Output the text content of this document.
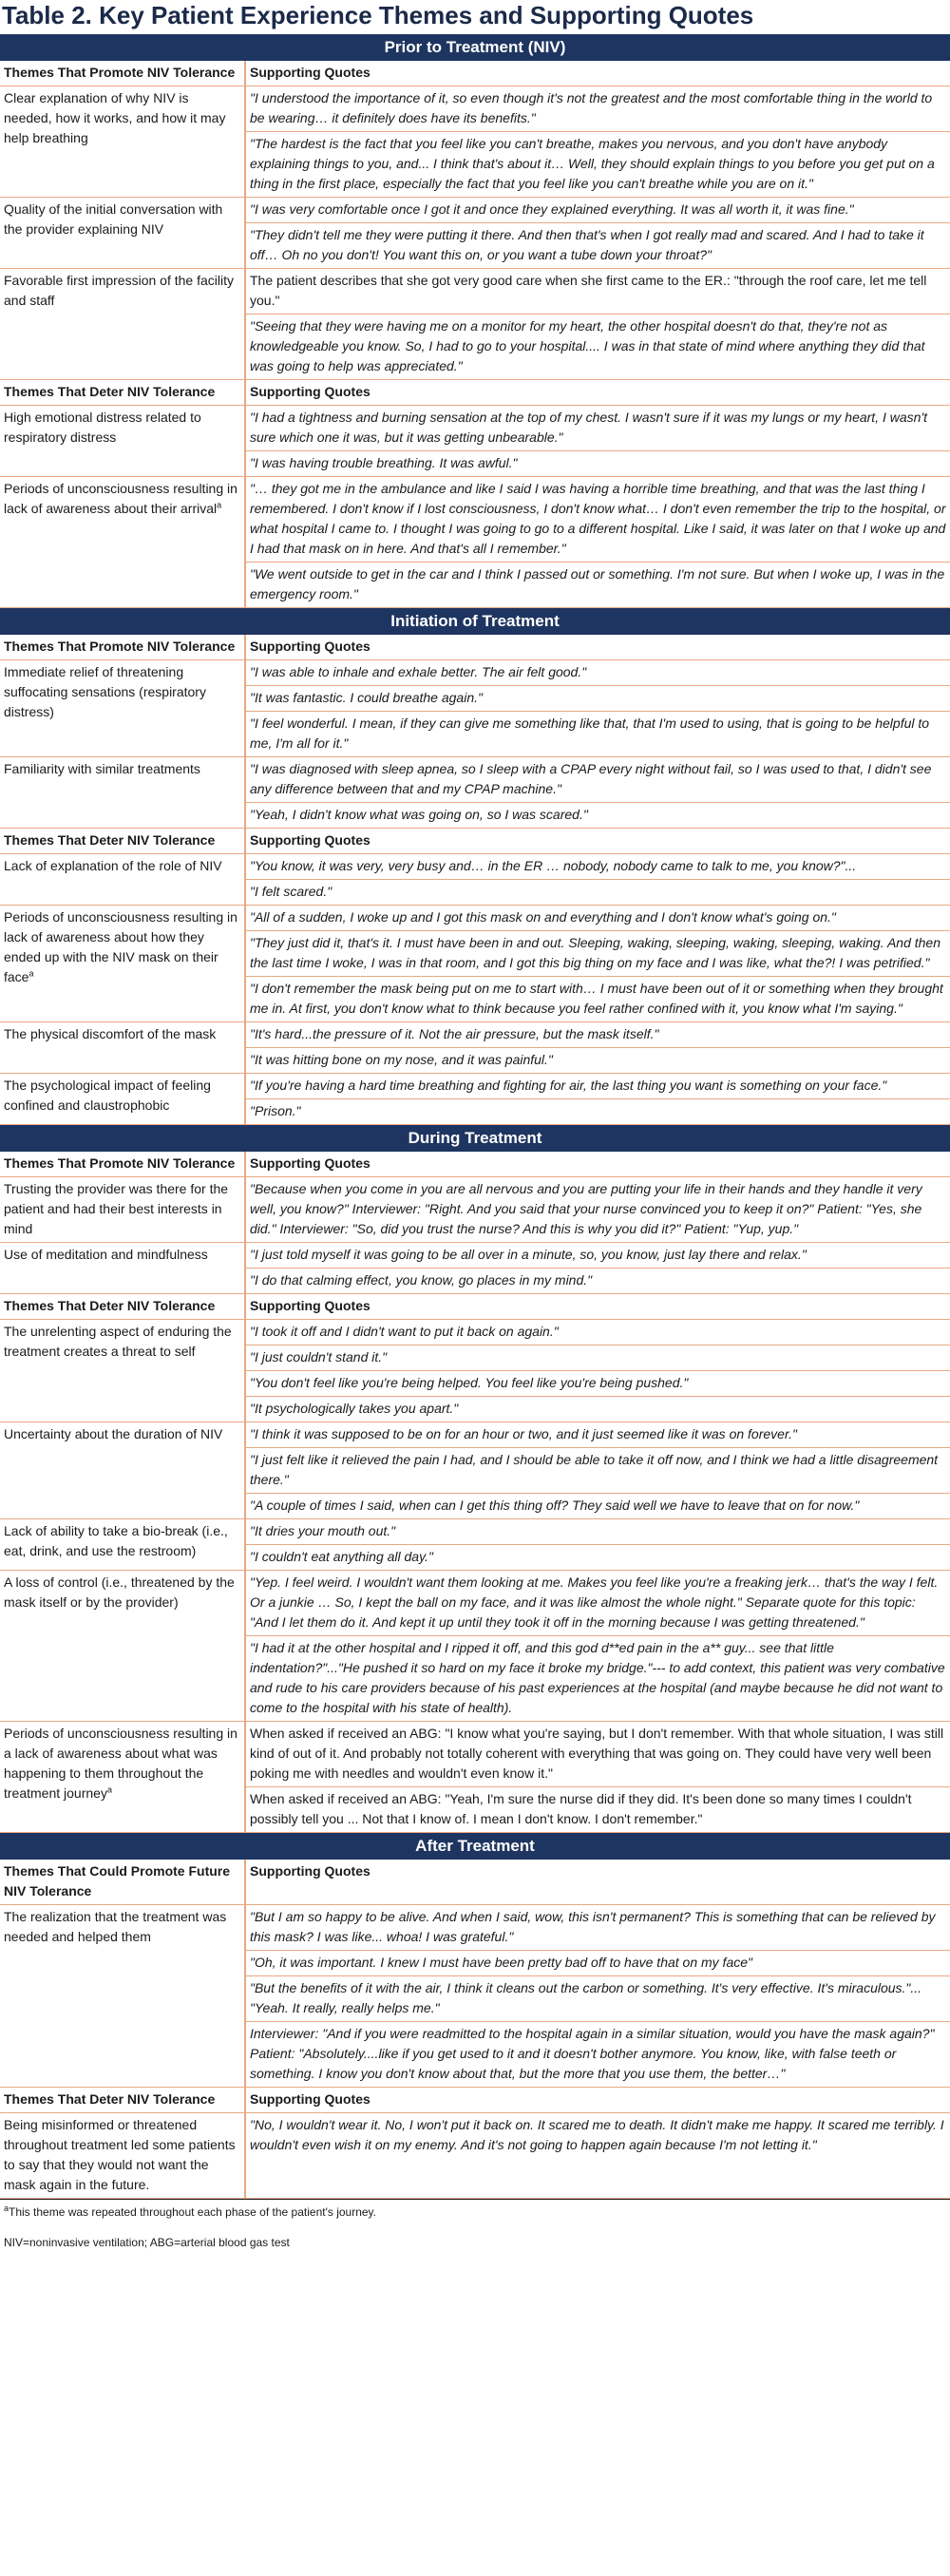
Table 2. Key Patient Experience Themes and Supporting Quotes
Prior to Treatment (NIV)	
Themes That Promote NIV Tolerance	Supporting Quotes
Clear explanation of why NIV is needed, how it works, and how it may help breathing	"I understood the importance of it, so even though it's not the greatest and the most comfortable thing in the world to be wearing… it definitely does have its benefits."
	"The hardest is the fact that you feel like you can't breathe, makes you nervous, and you don't have anybody explaining things to you, and... I think that's about it… Well, they should explain things to you before you get put on a thing in the first place, especially the fact that you feel like you can't breathe while you are on it."
Quality of the initial conversation with the provider explaining NIV	"I was very comfortable once I got it and once they explained everything. It was all worth it, it was fine."
	"They didn't tell me they were putting it there. And then that's when I got really mad and scared. And I had to take it off… Oh no you don't! You want this on, or you want a tube down your throat?"
Favorable first impression of the facility and staff	The patient describes that she got very good care when she first came to the ER.: "through the roof care, let me tell you."
	"Seeing that they were having me on a monitor for my heart, the other hospital doesn't do that, they're not as knowledgeable you know. So, I had to go to your hospital.... I was in that state of mind where anything they did that was going to help was appreciated."
Themes That Deter NIV Tolerance	Supporting Quotes
High emotional distress related to respiratory distress	"I had a tightness and burning sensation at the top of my chest. I wasn't sure if it was my lungs or my heart, I wasn't sure which one it was, but it was getting unbearable."
	"I was having trouble breathing. It was awful."
Periods of unconsciousness resulting in lack of awareness about their arrival$^a$	"… they got me in the ambulance and like I said I was having a horrible time breathing, and that was the last thing I remembered. I don't know if I lost consciousness, I don't know what… I don't even remember the trip to the hospital, or what hospital I came to. I thought I was going to go to a different hospital. Like I said, it was later on that I woke up and I had that mask on in here. And that's all I remember."
	"We went outside to get in the car and I think I passed out or something. I'm not sure. But when I woke up, I was in the emergency room."
Initiation of Treatment	
Themes That Promote NIV Tolerance	Supporting Quotes
Immediate relief of threatening suffocating sensations (respiratory distress)	"I was able to inhale and exhale better. The air felt good."
	"It was fantastic. I could breathe again."
	"I feel wonderful. I mean, if they can give me something like that, that I'm used to using, that is going to be helpful to me, I'm all for it."
Familiarity with similar treatments	"I was diagnosed with sleep apnea, so I sleep with a CPAP every night without fail, so I was used to that, I didn't see any difference between that and my CPAP machine."
	"Yeah, I didn't know what was going on, so I was scared."
Themes That Deter NIV Tolerance	Supporting Quotes
Lack of explanation of the role of NIV	"You know, it was very, very busy and… in the ER … nobody, nobody came to talk to me, you know?"...
	"I felt scared."
Periods of unconsciousness resulting in lack of awareness about how they ended up with the NIV mask on their face$^a$	"All of a sudden, I woke up and I got this mask on and everything and I don't know what's going on."
	"They just did it, that's it. I must have been in and out. Sleeping, waking, sleeping, waking, sleeping, waking. And then the last time I woke, I was in that room, and I got this big thing on my face and I was like, what the?! I was petrified."
	"I don't remember the mask being put on me to start with… I must have been out of it or something when they brought me in. At first, you don't know what to think because you feel rather confined with it, you know what I'm saying."
The physical discomfort of the mask	"It's hard...the pressure of it. Not the air pressure, but the mask itself."
	"It was hitting bone on my nose, and it was painful."
The psychological impact of feeling confined and claustrophobic	"If you're having a hard time breathing and fighting for air, the last thing you want is something on your face."
	"Prison."
During Treatment	
Themes That Promote NIV Tolerance	Supporting Quotes
Trusting the provider was there for the patient and had their best interests in mind	"Because when you come in you are all nervous and you are putting your life in their hands and they handle it very well, you know?" Interviewer: "Right. And you said that your nurse convinced you to keep it on?" Patient: "Yes, she did." Interviewer: "So, did you trust the nurse? And this is why you did it?" Patient: "Yup, yup."
Use of meditation and mindfulness	"I just told myself it was going to be all over in a minute, so, you know, just lay there and relax."
	"I do that calming effect, you know, go places in my mind."
Themes That Deter NIV Tolerance	Supporting Quotes
The unrelenting aspect of enduring the treatment creates a threat to self	"I took it off and I didn't want to put it back on again."
	"I just couldn't stand it."
	"You don't feel like you're being helped. You feel like you're being pushed."
	"It psychologically takes you apart."
Uncertainty about the duration of NIV	"I think it was supposed to be on for an hour or two, and it just seemed like it was on forever."
	"I just felt like it relieved the pain I had, and I should be able to take it off now, and I think we had a little disagreement there."
	"A couple of times I said, when can I get this thing off? They said well we have to leave that on for now."
Lack of ability to take a bio-break (i.e., eat, drink, and use the restroom)	"It dries your mouth out."
	"I couldn't eat anything all day."
A loss of control (i.e., threatened by the mask itself or by the provider)	"Yep. I feel weird. I wouldn't want them looking at me. Makes you feel like you're a freaking jerk… that's the way I felt. Or a junkie … So, I kept the ball on my face, and it was like almost the whole night." Separate quote for this topic: "And I let them do it. And kept it up until they took it off in the morning because I was getting threatened."
	"I had it at the other hospital and I ripped it off, and this god d**ed pain in the a** guy... see that little indentation?"..."He pushed it so hard on my face it broke my bridge."--- to add context, this patient was very combative and rude to his care providers because of his past experiences at the hospital (and maybe because he did not want to come to the hospital with his state of health).
Periods of unconsciousness resulting in a lack of awareness about what was happening to them throughout the treatment journey$^a$	When asked if received an ABG: "I know what you're saying, but I don't remember. With that whole situation, I was still kind of out of it. And probably not totally coherent with everything that was going on. They could have very well been poking me with needles and wouldn't even know it."
	When asked if received an ABG: "Yeah, I'm sure the nurse did if they did. It's been done so many times I couldn't possibly tell you ... Not that I know of. I mean I don't know. I don't remember."
After Treatment	
Themes That Could Promote Future NIV Tolerance	Supporting Quotes
The realization that the treatment was needed and helped them	"But I am so happy to be alive. And when I said, wow, this isn't permanent? This is something that can be relieved by this mask? I was like... whoa! I was grateful."
	"Oh, it was important. I knew I must have been pretty bad off to have that on my face"
	"But the benefits of it with the air, I think it cleans out the carbon or something. It's very effective. It's miraculous."... "Yeah. It really, really helps me."
	Interviewer: "And if you were readmitted to the hospital again in a similar situation, would you have the mask again?" Patient: "Absolutely....like if you get used to it and it doesn't bother anymore. You know, like, with false teeth or something. I know you don't know about that, but the more that you use them, the better…"
Themes That Deter NIV Tolerance	Supporting Quotes
Being misinformed or threatened throughout treatment led some patients to say that they would not want the mask again in the future.	"No, I wouldn't wear it. No, I won't put it back on. It scared me to death. It didn't make me happy. It scared me terribly. I wouldn't even wish it on my enemy. And it's not going to happen again because I'm not letting it."
$^a$This theme was repeated throughout each phase of the patient's journey.
NIV=noninvasive ventilation; ABG=arterial blood gas test
